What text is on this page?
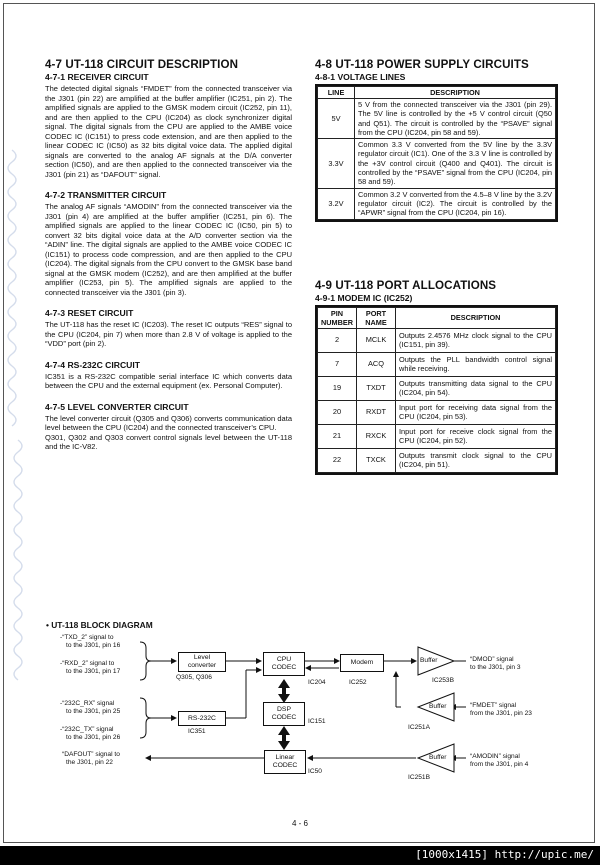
4-7 UT-118 CIRCUIT DESCRIPTION
4-7-1 RECEIVER CIRCUIT

The detected digital signals “FMDET” from the connected transceiver via the J301 (pin 22) are amplified at the buffer amplifier (IC251, pin 2). The amplified signals are applied to the GMSK modem circuit (IC252, pin 11), and are then applied to the CPU (IC204) as clock synchronizer digital signal. The digital signals from the CPU are applied to the AMBE voice CODEC IC (IC151) to press code extension, and are then applied to the linear CODEC IC (IC50) as 32 bits digital voice data. The applied digital signals are converted to the analog AF signals at the D/A converter section (IC50), and are then applied to the connected transceiver via the J301 (pin 21) as “DAFOUT” signal.

4-7-2 TRANSMITTER CIRCUIT

The analog AF signals “AMODIN” from the connected transceiver via the J301 (pin 4) are amplified at the buffer amplifier (IC251, pin 6). The amplified signals are applied to the linear CODEC IC (IC50, pin 5) to convert 32 bits digital voice data at the A/D converter section via the “ADIN” line. The digital signals are applied to the AMBE voice CODEC IC (IC151) to process code compression, and are then applied to the CPU (IC204). The digital signals from the CPU convert to the GMSK base band signal at the GMSK modem (IC252), and are then amplified at the buffer amplifier (IC253, pin 5). The amplified signals are applied to the connected transceiver via the J301 (pin 3).

4-7-3 RESET CIRCUIT

The UT-118 has the reset IC (IC203). The reset IC outputs “RES” signal to the CPU (IC204, pin 7) when more than 2.8 V of voltage is applied to the “VDD” port (pin 2).

4-7-4 RS-232C CIRCUIT

IC351 is a RS-232C compatible serial interface IC which converts data between the CPU and the external equipment (ex. Personal Computer).

4-7-5 LEVEL CONVERTER CIRCUIT

The level converter circuit (Q305 and Q306) converts communication data level between the CPU (IC204) and the connected transceiver’s CPU.

Q301, Q302 and Q303 convert control signals level between the UT-118 and the IC-V82.

4-8 UT-118 POWER SUPPLY CIRCUITS
4-8-1 VOLTAGE LINES
LINE	DESCRIPTION
5V	5 V from the connected transceiver via the J301 (pin 29). The 5V line is controlled by the +5 V control circuit (Q50 and Q51). The circuit is controlled by the “PSAVE” signal from the CPU (IC204, pin 58 and 59).
3.3V	Common 3.3 V converted from the 5V line by the 3.3V regulator circuit (IC1). One of the 3.3 V line is controlled by the +3V control circuit (Q400 and Q401). The circuit is controlled by the “PSAVE” signal from the CPU (IC204, pin 58 and 59).
3.2V	Common 3.2 V converted from the 4.5–8 V line by the 3.2V regulator circuit (IC2). The circuit is controlled by the “APWR” signal from the CPU (IC204, pin 16).
4-9 UT-118 PORT ALLOCATIONS
4-9-1 MODEM IC (IC252)
PIN NUMBER	PORT NAME	DESCRIPTION
2	MCLK	Outputs 2.4576 MHz clock signal to the CPU (IC151, pin 39).
7	ACQ	Outputs the PLL bandwidth control signal while receiving.
19	TXDT	Outputs transmitting data signal to the CPU (IC204, pin 54).
20	RXDT	Input port for receiving data signal from the CPU (IC204, pin 53).
21	RXCK	Input port for receive clock signal from the CPU (IC204, pin 52).
22	TXCK	Outputs transmit clock signal to the CPU (IC204, pin 51).
• UT-118 BLOCK DIAGRAM
-“TXD_2” signal to
to the J301, pin 16
-“RXD_2” signal to
to the J301, pin 17
-“232C_RX” signal
to the J301, pin 25
-“232C_TX” signal
to the J301, pin 26
“DAFOUT” signal to
the J301, pin 22
Level
converter
Q305, Q306
RS-232C
IC351
CPU
CODEC
IC204
DSP
CODEC
IC151
Linear
CODEC
IC50
Modem
IC252
Buffer
IC253B
Buffer
IC251A
Buffer
IC251B
“DMOD” signal
to the J301, pin 3
“FMDET” signal
from the J301, pin 23
“AMODIN” signal
from the J301, pin 4
4 - 6
[1000x1415] http://upic.me/
